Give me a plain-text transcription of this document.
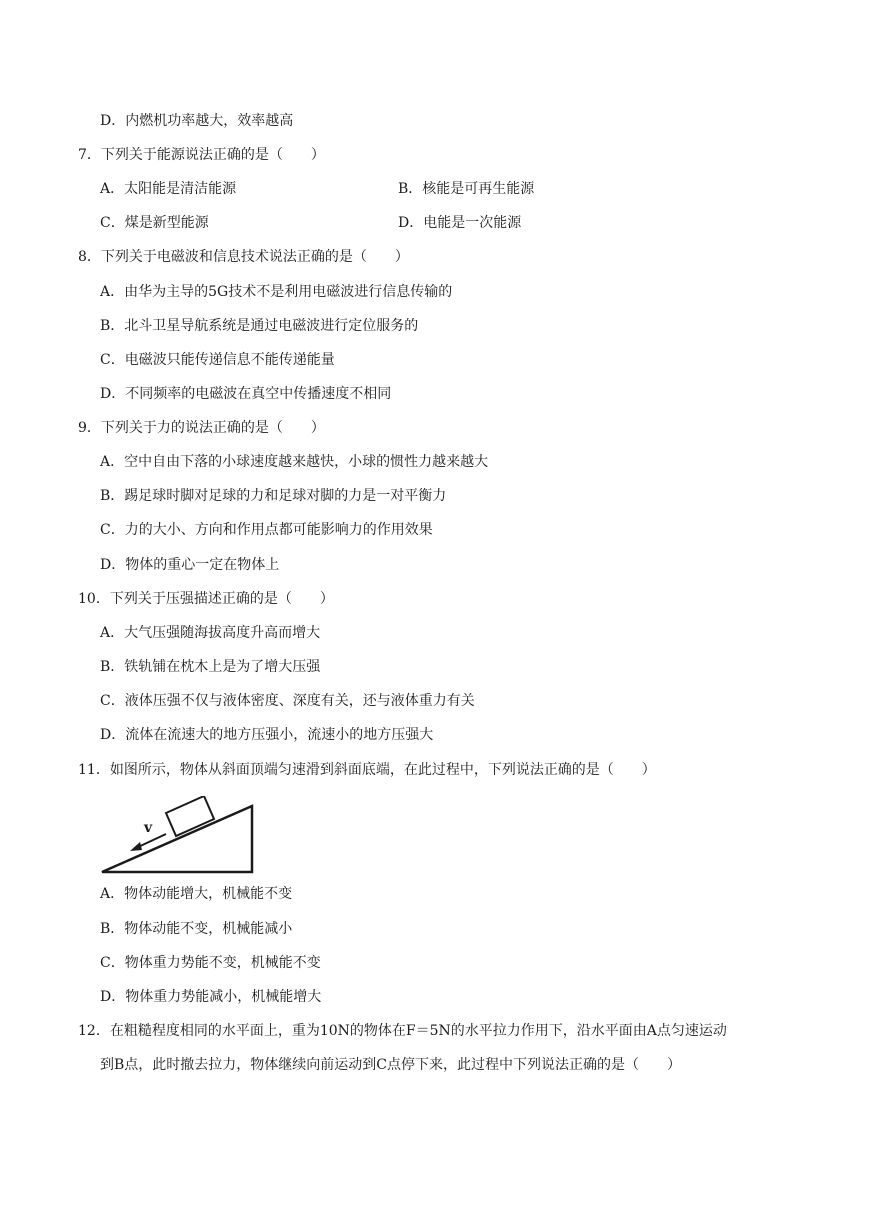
D．内燃机功率越大，效率越高
7．下列关于能源说法正确的是（　　）
A．太阳能是清洁能源	B．核能是可再生能源
C．煤是新型能源	D．电能是一次能源
8．下列关于电磁波和信息技术说法正确的是（　　）
A．由华为主导的5G技术不是利用电磁波进行信息传输的
B．北斗卫星导航系统是通过电磁波进行定位服务的
C．电磁波只能传递信息不能传递能量
D．不同频率的电磁波在真空中传播速度不相同
9．下列关于力的说法正确的是（　　）
A．空中自由下落的小球速度越来越快，小球的惯性力越来越大
B．踢足球时脚对足球的力和足球对脚的力是一对平衡力
C．力的大小、方向和作用点都可能影响力的作用效果
D．物体的重心一定在物体上
10．下列关于压强描述正确的是（　　）
A．大气压强随海拔高度升高而增大
B．铁轨铺在枕木上是为了增大压强
C．液体压强不仅与液体密度、深度有关，还与液体重力有关
D．流体在流速大的地方压强小，流速小的地方压强大
11．如图所示，物体从斜面顶端匀速滑到斜面底端，在此过程中，下列说法正确的是（　　）
v
A．物体动能增大，机械能不变
B．物体动能不变，机械能减小
C．物体重力势能不变，机械能不变
D．物体重力势能减小，机械能增大
12．在粗糙程度相同的水平面上，重为10N的物体在F＝5N的水平拉力作用下，沿水平面由A点匀速运动
到B点，此时撤去拉力，物体继续向前运动到C点停下来，此过程中下列说法正确的是（　　）
